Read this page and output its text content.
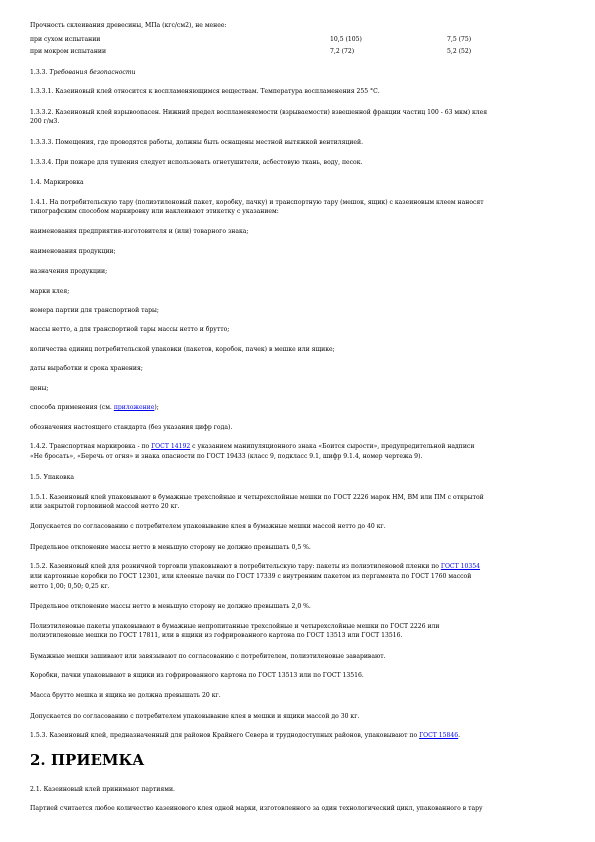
Прочность склеивания древесины, МПа (кгс/см2), не менее:
при сухом испытании	10,5 (105)	7,5 (75)
при мокром испытании	7,2 (72)	5,2 (52)
1.3.3. Требования безопасности
1.3.3.1. Казеиновый клей относится к воспламеняющимся веществам. Температура воспламенения 255 °С.
1.3.3.2. Казеиновый клей взрывоопасен. Нижний предел воспламеняемости (взрываемости) взвешенной фракции частиц 100 - 63 мкм) клея
200 г/м3.
1.3.3.3. Помещения, где проводятся работы, должны быть оснащены местной вытяжкой вентиляцией.
1.3.3.4. При пожаре для тушения следует использовать огнетушители, асбестовую ткань, воду, песок.
1.4. Маркировка
1.4.1. На потребительскую тару (полиэтиленовый пакет, коробку, пачку) и транспортную тару (мешок, ящик) с казеиновым клеем наносят
типографским способом маркировку или наклеивают этикетку с указанием:
наименования предприятия-изготовителя и (или) товарного знака;
наименования продукции;
назначения продукции;
марки клея;
номера партии для транспортной тары;
массы нетто, а для транспортной тары массы нетто и брутто;
количества единиц потребительской упаковки (пакетов, коробок, пачек) в мешке или ящике;
даты выработки и срока хранения;
цены;
способа применения (см. приложение);
обозначения настоящего стандарта (без указания цифр года).
1.4.2. Транспортная маркировка - по ГОСТ 14192 с указанием манипуляционного знака «Боится сырости», предупредительной надписи
«Не бросать», «Беречь от огня» и знака опасности по ГОСТ 19433 (класс 9, подкласс 9.1, шифр 9.1.4, номер чертежа 9).
1.5. Упаковка
1.5.1. Казеиновый клей упаковывают в бумажные трехслойные и четырехслойные мешки по ГОСТ 2226 марок НМ, ВМ или ПМ с открытой
или закрытой горловиной массой нетто 20 кг.
Допускается по согласованию с потребителем упаковывание клея в бумажные мешки массой нетто до 40 кг.
Предельное отклонение массы нетто в меньшую сторону не должно превышать 0,5 %.
1.5.2. Казеиновый клей для розничной торговли упаковывают в потребительскую тару: пакеты из полиэтиленовой пленки по ГОСТ 10354
или картонные коробки по ГОСТ 12301, или клееные пачки по ГОСТ 17339 с внутренним пакетом из пергамента по ГОСТ 1760 массой
нетто 1,00; 0,50; 0,25 кг.
Предельное отклонение массы нетто в меньшую сторону не должно превышать 2,0 %.
Полиэтиленовые пакеты упаковывают в бумажные непропитанные трехслойные и четырехслойные мешки по ГОСТ 2226 или
полиэтиленовые мешки по ГОСТ 17811, или в ящики из гофрированного картона по ГОСТ 13513 или ГОСТ 13516.
Бумажные мешки зашивают или завязывают по согласованию с потребителем, полиэтиленовые заваривают.
Коробки, пачки упаковывают в ящики из гофрированного картона по ГОСТ 13513 или по ГОСТ 13516.
Масса брутто мешка и ящика не должна превышать 20 кг.
Допускается по согласованию с потребителем упаковывание клея в мешки и ящики массой до 30 кг.
1.5.3. Казеиновый клей, предназначенный для районов Крайнего Севера и труднодоступных районов, упаковывают по ГОСТ 15846.
2. ПРИЕМКА
2.1. Казеиновый клей принимают партиями.
Партией считается любое количество казеинового клея одной марки, изготовленного за один технологический цикл, упакованного в тару
